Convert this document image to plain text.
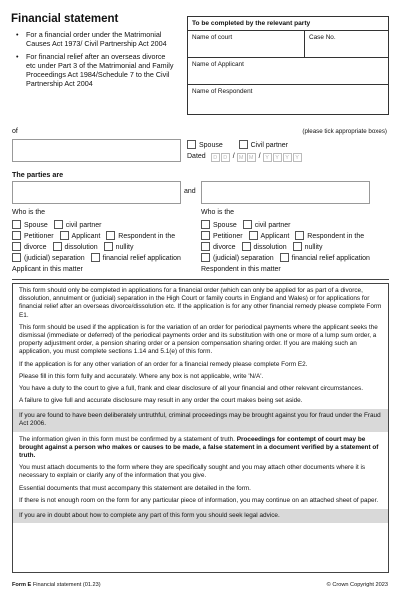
Financial statement
• For a financial order under the Matrimonial Causes Act 1973/ Civil Partnership Act 2004
• For financial relief after an overseas divorce etc under Part 3 of the Matrimonial and Family Proceedings Act 1984/Schedule 7 to the Civil Partnership Act 2004
To be completed by the relevant party
Name of court	Case No.
Name of Applicant
Name of Respondent
of	(please tick appropriate boxes)
Spouse	Civil partner
Dated	D	D / M M / Y	Y	Y	Y
The parties are
and
Who is the
Spouse	civil partner
Petitioner	Applicant	Respondent in the
divorce	dissolution	nullity
(judicial) separation	financial relief application
Applicant in this matter
Who is the
Spouse	civil partner
Petitioner	Applicant	Respondent in the
divorce	dissolution	nullity
(judicial) separation	financial relief application
Respondent in this matter

This form should only be completed in applications for a financial order (which can only be applied for as part of a divorce, dissolution, annulment or (judicial) separation in the High Court or family courts in England and Wales) or for applications for financial relief after an overseas divorce/dissolution etc. If the application is for any other financial remedy please complete Form E1.

This form should be used if the application is for the variation of an order for periodical payments where the applicant seeks the dismissal (immediate or deferred) of the periodical payments order and its substitution with one or more of a lump sum order, a property adjustment order, a pension sharing order or a pension compensation sharing order. If you are making such an application, you must complete sections 1.14 and 5.1(e) of this form.

If the application is for any other variation of an order for a financial remedy please complete Form E2.

Please fill in this form fully and accurately. Where any box is not applicable, write 'N/A'.

You have a duty to the court to give a full, frank and clear disclosure of all your financial and other relevant circumstances.

A failure to give full and accurate disclosure may result in any order the court makes being set aside.

If you are found to have been deliberately untruthful, criminal proceedings may be brought against you for fraud under the Fraud Act 2006.

The information given in this form must be confirmed by a statement of truth. Proceedings for contempt of court may be brought against a person who makes or causes to be made, a false statement in a document verified by a statement of truth.

You must attach documents to the form where they are specifically sought and you may attach other documents where it is necessary to explain or clarify any of the information that you give.

Essential documents that must accompany this statement are detailed in the form.

If there is not enough room on the form for any particular piece of information, you may continue on an attached sheet of paper.

If you are in doubt about how to complete any part of this form you should seek legal advice.

Form E Financial statement (01.23)	© Crown Copyright 2023
